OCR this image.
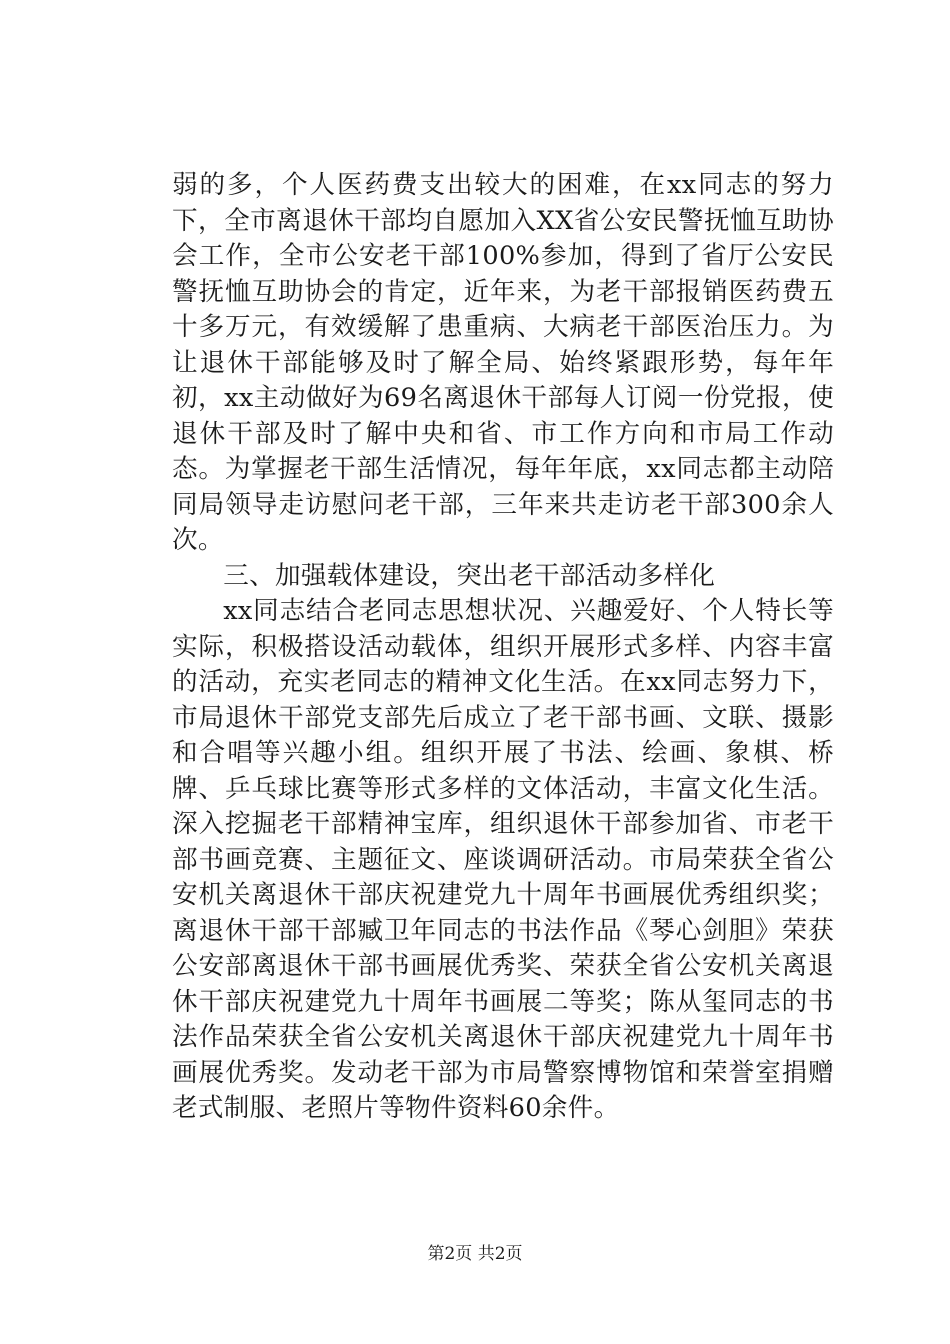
弱的多，个人医药费支出较大的困难，在xx同志的努力下，全市离退休干部均自愿加入XX省公安民警抚恤互助协会工作，全市公安老干部100%参加，得到了省厅公安民警抚恤互助协会的肯定，近年来，为老干部报销医药费五十多万元，有效缓解了患重病、大病老干部医治压力。为让退休干部能够及时了解全局、始终紧跟形势，每年年初，xx主动做好为69名离退休干部每人订阅一份党报，使退休干部及时了解中央和省、市工作方向和市局工作动态。为掌握老干部生活情况，每年年底，xx同志都主动陪同局领导走访慰问老干部，三年来共走访老干部300余人次。

三、加强载体建设，突出老干部活动多样化

xx同志结合老同志思想状况、兴趣爱好、个人特长等实际，积极搭设活动载体，组织开展形式多样、内容丰富的活动，充实老同志的精神文化生活。在xx同志努力下，市局退休干部党支部先后成立了老干部书画、文联、摄影和合唱等兴趣小组。组织开展了书法、绘画、象棋、桥牌、乒乓球比赛等形式多样的文体活动，丰富文化生活。深入挖掘老干部精神宝库，组织退休干部参加省、市老干部书画竞赛、主题征文、座谈调研活动。市局荣获全省公安机关离退休干部庆祝建党九十周年书画展优秀组织奖；离退休干部干部臧卫年同志的书法作品《琴心剑胆》荣获公安部离退休干部书画展优秀奖、荣获全省公安机关离退休干部庆祝建党九十周年书画展二等奖；陈从玺同志的书法作品荣获全省公安机关离退休干部庆祝建党九十周年书画展优秀奖。发动老干部为市局警察博物馆和荣誉室捐赠老式制服、老照片等物件资料60余件。

第2页 共2页
